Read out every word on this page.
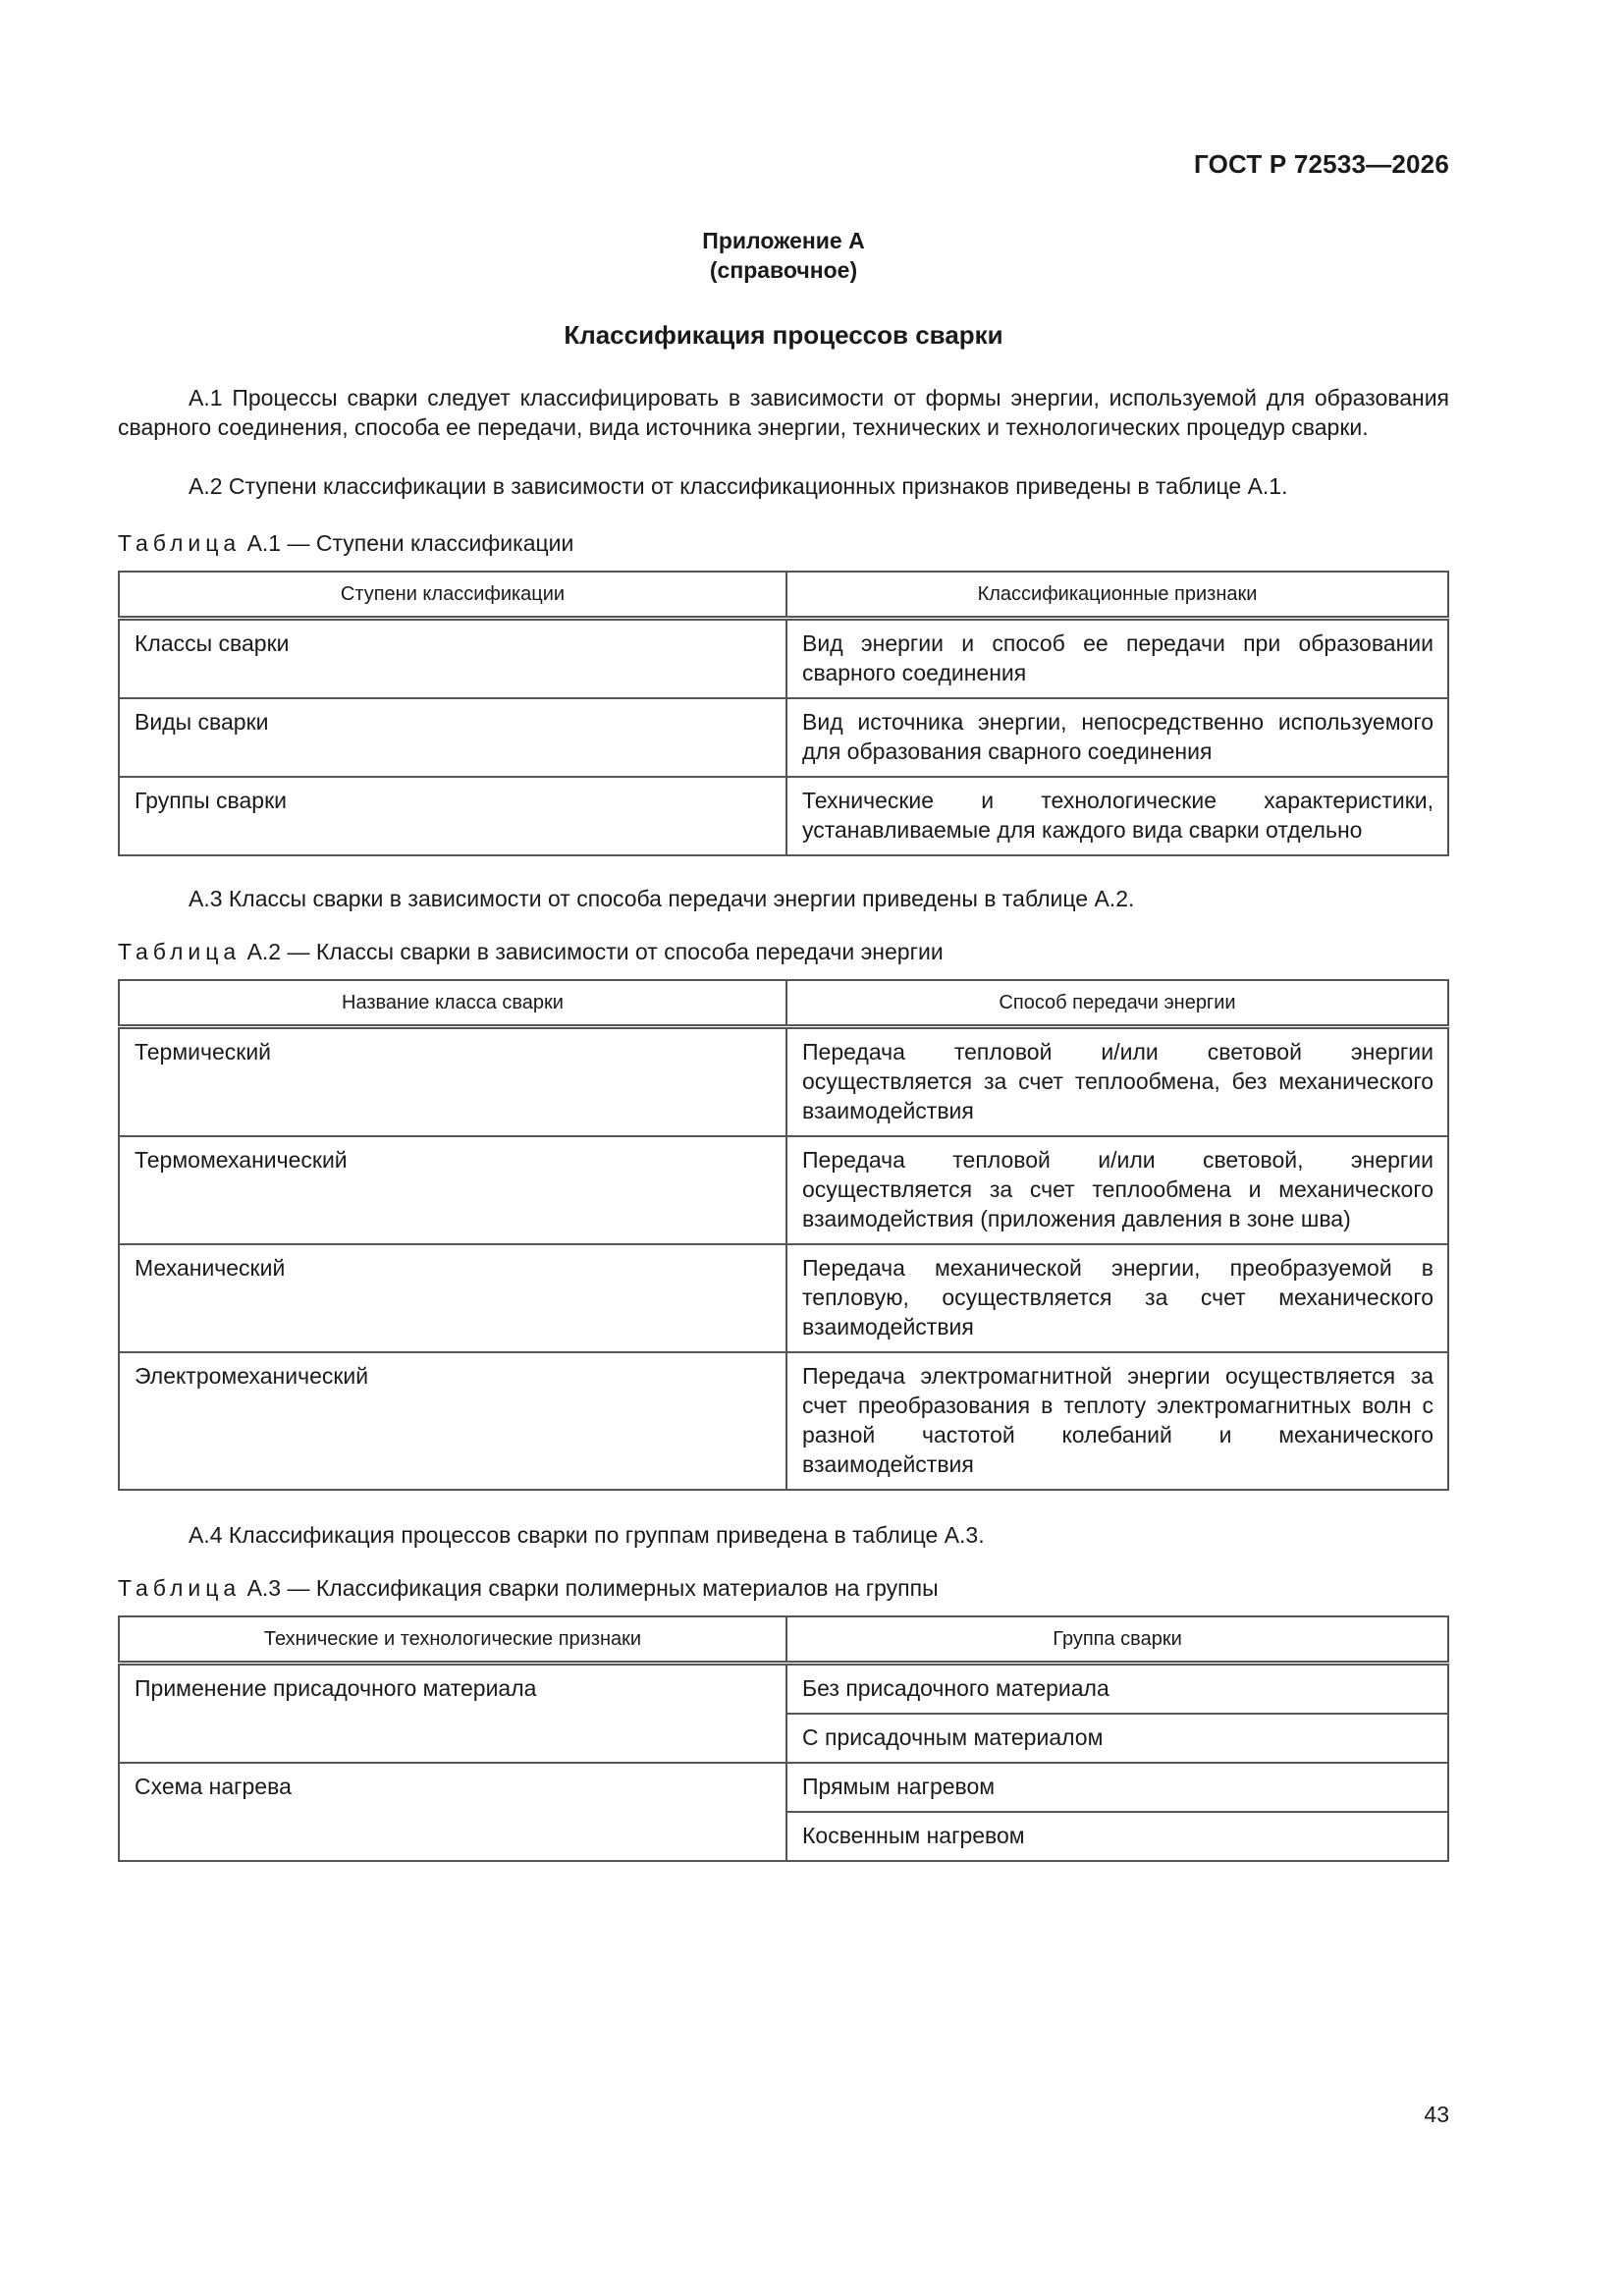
ГОСТ Р 72533—2026
Приложение А
(справочное)
Классификация процессов сварки

А.1 Процессы сварки следует классифицировать в зависимости от формы энергии, используемой для образования сварного соединения, способа ее передачи, вида источника энергии, технических и технологических процедур сварки.

А.2 Ступени классификации в зависимости от классификационных признаков приведены в таблице А.1.

Таблица А.1 — Ступени классификации
Ступени классификации	Классификационные признаки
Классы сварки	Вид энергии и способ ее передачи при образовании сварного соединения
Виды сварки	Вид источника энергии, непосредственно используемого для образования сварного соединения
Группы сварки	Технические и технологические характеристики, устанавливаемые для каждого вида сварки отдельно

А.3 Классы сварки в зависимости от способа передачи энергии приведены в таблице А.2.

Таблица А.2 — Классы сварки в зависимости от способа передачи энергии
Название класса сварки	Способ передачи энергии
Термический	Передача тепловой и/или световой энергии осуществляется за счет теплообмена, без механического взаимодействия
Термомеханический	Передача тепловой и/или световой, энергии осуществляется за счет теплообмена и механического взаимодействия (приложения давления в зоне шва)
Механический	Передача механической энергии, преобразуемой в тепловую, осуществляется за счет механического взаимодействия
Электромеханический	Передача электромагнитной энергии осуществляется за счет преобразования в теплоту электромагнитных волн с разной частотой колебаний и механического взаимодействия

А.4 Классификация процессов сварки по группам приведена в таблице А.3.

Таблица А.3 — Классификация сварки полимерных материалов на группы
Технические и технологические признаки	Группа сварки
Применение присадочного материала	Без присадочного материала
	С присадочным материалом
Схема нагрева	Прямым нагревом
	Косвенным нагревом
43
